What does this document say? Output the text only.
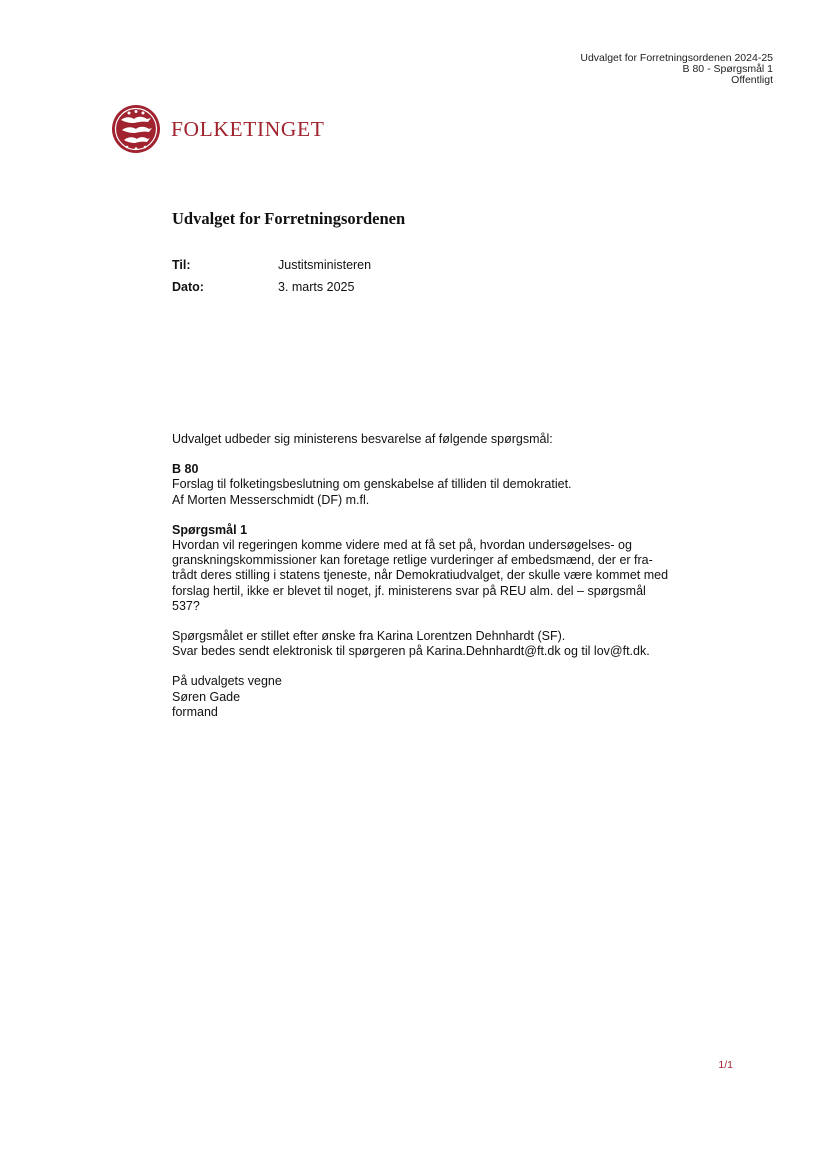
Udvalget for Forretningsordenen 2024-25
B 80 - Spørgsmål 1
Offentligt
FOLKETINGET
Udvalget for Forretningsordenen
Til:	Justitsministeren
Dato:	3. marts 2025

Udvalget udbeder sig ministerens besvarelse af følgende spørgsmål:

B 80

Forslag til folketingsbeslutning om genskabelse af tilliden til demokratiet.

Af Morten Messerschmidt (DF) m.fl.

Spørgsmål 1

Hvordan vil regeringen komme videre med at få set på, hvordan undersøgelses- og

granskningskommissioner kan foretage retlige vurderinger af embedsmænd, der er fra-

trådt deres stilling i statens tjeneste, når Demokratiudvalget, der skulle være kommet med

forslag hertil, ikke er blevet til noget, jf. ministerens svar på REU alm. del – spørgsmål

537?

Spørgsmålet er stillet efter ønske fra Karina Lorentzen Dehnhardt (SF).

Svar bedes sendt elektronisk til spørgeren på Karina.Dehnhardt@ft.dk og til lov@ft.dk.

På udvalgets vegne

Søren Gade

formand

1/1
